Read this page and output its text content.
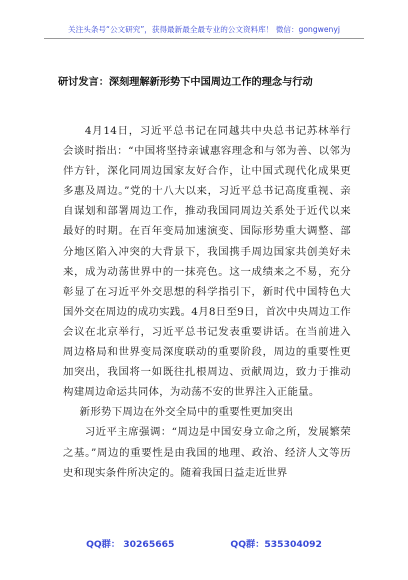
关注头条号“公文研究”，获得最新最全最专业的公文资料库！ 微信：gongwenyj
研讨发言：深刻理解新形势下中国周边工作的理念与行动

4月14日，习近平总书记在同越共中央总书记苏林举行会谈时指出：“中国将坚持亲诚惠容理念和与邻为善、以邻为伴方针，深化同周边国家友好合作，让中国式现代化成果更多惠及周边。”党的十八大以来，习近平总书记高度重视、亲自谋划和部署周边工作，推动我国同周边关系处于近代以来最好的时期。在百年变局加速演变、国际形势重大调整、部分地区陷入冲突的大背景下，我国携手周边国家共创美好未来，成为动荡世界中的一抹亮色。这一成绩来之不易，充分彰显了在习近平外交思想的科学指引下，新时代中国特色大国外交在周边的成功实践。4月8日至9日，首次中央周边工作会议在北京举行，习近平总书记发表重要讲话。在当前进入周边格局和世界变局深度联动的重要阶段，周边的重要性更加突出，我国将一如既往扎根周边、贡献周边，致力于推动构建周边命运共同体，为动荡不安的世界注入正能量。

新形势下周边在外交全局中的重要性更加突出

习近平主席强调：“周边是中国安身立命之所，发展繁荣之基。”周边的重要性是由我国的地理、政治、经济人文等历史和现实条件所决定的。随着我国日益走近世界

QQ群： 30265665	QQ群：535304092
